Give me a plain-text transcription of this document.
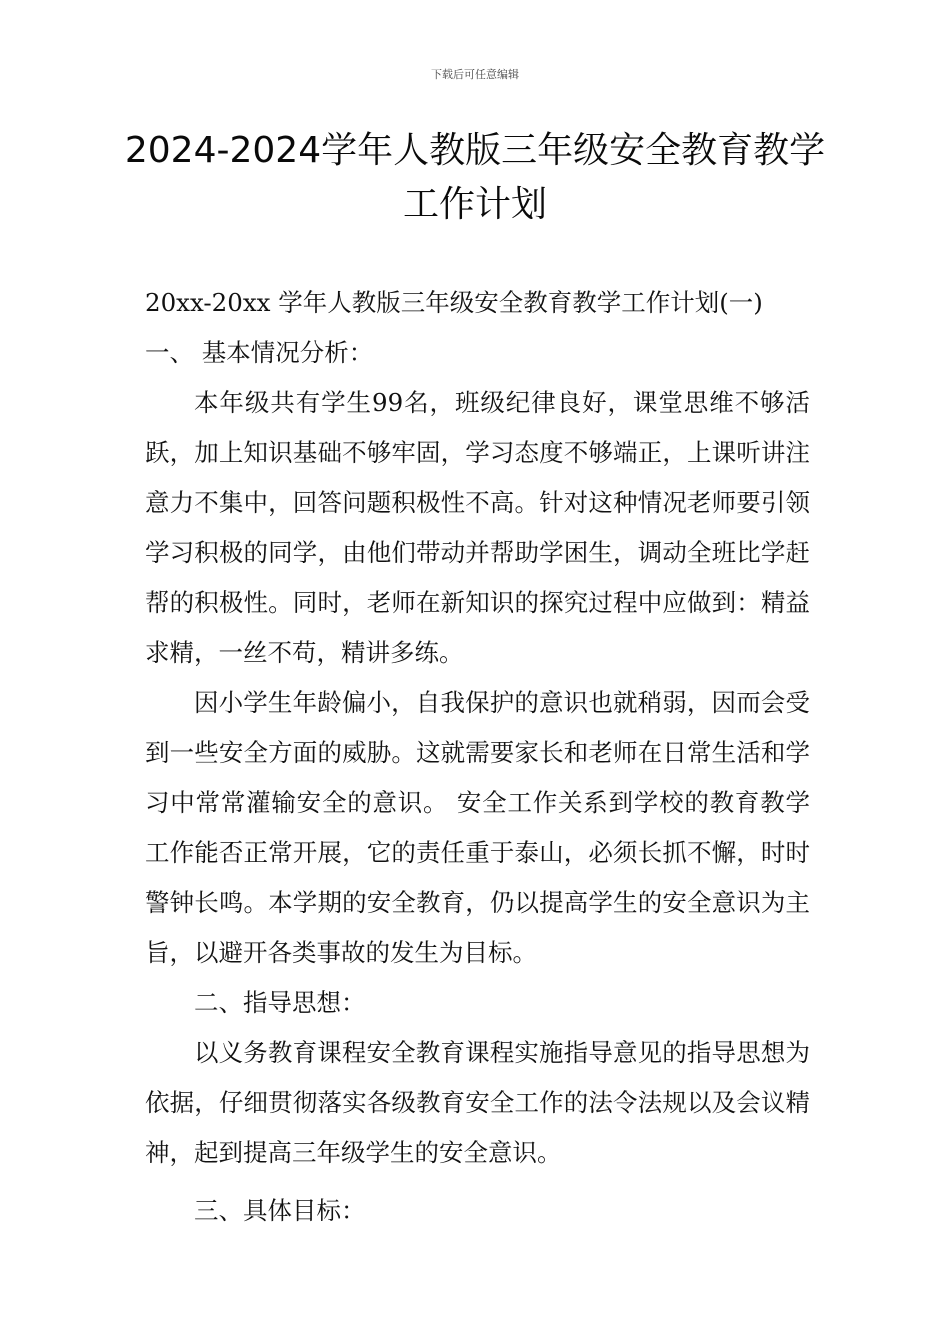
下载后可任意编辑
2024-2024学年人教版三年级安全教育教学工作计划

20xx-20xx 学年人教版三年级安全教育教学工作计划(一)

一、 基本情况分析：

本年级共有学生99名，班级纪律良好，课堂思维不够活跃，加上知识基础不够牢固，学习态度不够端正，上课听讲注意力不集中，回答问题积极性不高。针对这种情况老师要引领学习积极的同学，由他们带动并帮助学困生，调动全班比学赶帮的积极性。同时，老师在新知识的探究过程中应做到：精益求精，一丝不苟，精讲多练。

因小学生年龄偏小，自我保护的意识也就稍弱，因而会受到一些安全方面的威胁。这就需要家长和老师在日常生活和学习中常常灌输安全的意识。 安全工作关系到学校的教育教学工作能否正常开展，它的责任重于泰山，必须长抓不懈，时时警钟长鸣。本学期的安全教育，仍以提高学生的安全意识为主旨，以避开各类事故的发生为目标。

二、指导思想：

以义务教育课程安全教育课程实施指导意见的指导思想为依据，仔细贯彻落实各级教育安全工作的法令法规以及会议精神，起到提高三年级学生的安全意识。

三、具体目标：
